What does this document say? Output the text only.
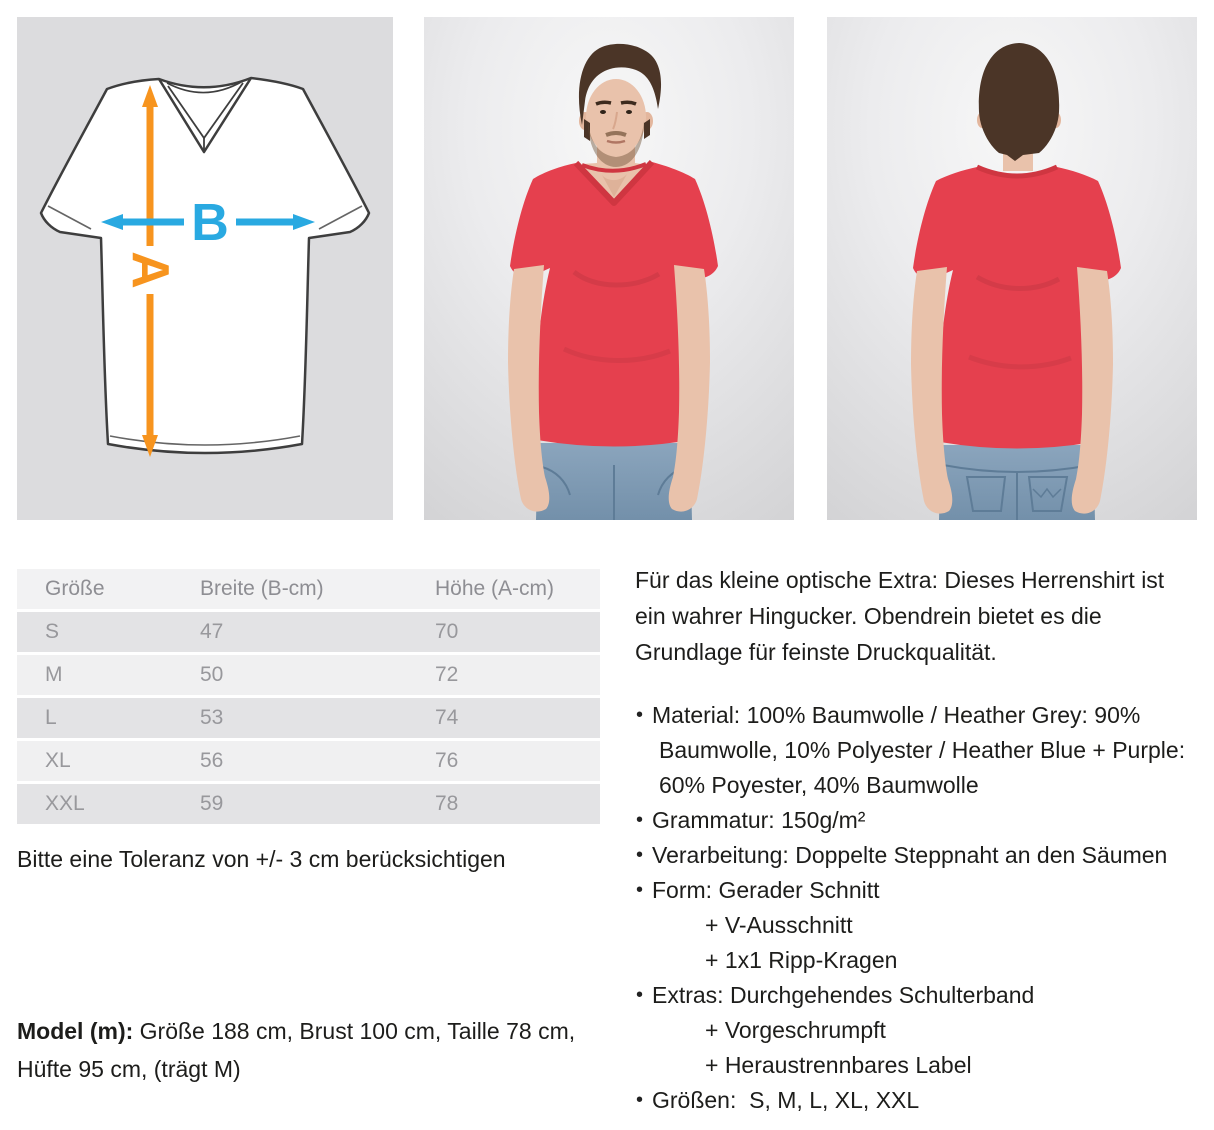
A
B
Größe	Breite (B-cm)	Höhe (A-cm)
S	47	70
M	50	72
L	53	74
XL	56	76
XXL	59	78
Bitte eine Toleranz von +/- 3 cm berücksichtigen
Model (m): Größe 188 cm, Brust 100 cm, Taille 78 cm,
Hüfte 95 cm, (trägt M)
Für das kleine optische Extra: Dieses Herrenshirt ist
ein wahrer Hingucker. Obendrein bietet es die
Grundlage für feinste Druckqualität.
• Material: 100% Baumwolle / Heather Grey: 90%
Baumwolle, 10% Polyester / Heather Blue + Purple:
60% Poyester, 40% Baumwolle
• Grammatur: 150g/m²
• Verarbeitung: Doppelte Steppnaht an den Säumen
• Form: Gerader Schnitt
+ V-Ausschnitt
+ 1x1 Ripp-Kragen
• Extras: Durchgehendes Schulterband
+ Vorgeschrumpft
+ Heraustrennbares Label
• Größen:  S, M, L, XL, XXL
